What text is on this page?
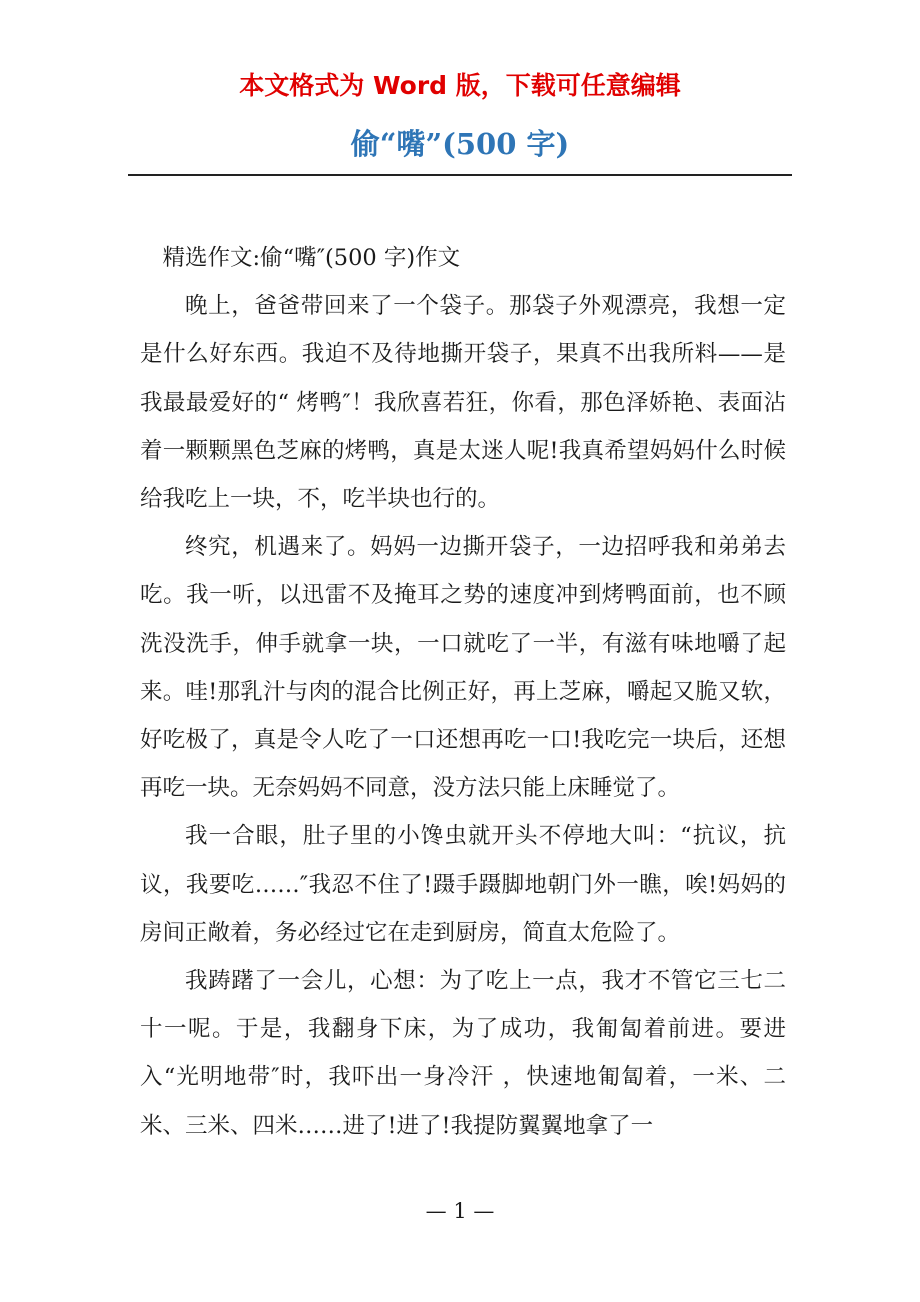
本文格式为 Word 版，下载可任意编辑
偷“嘴”(500 字)

精选作文:偷“嘴″(500 字)作文

晚上，爸爸带回来了一个袋子。那袋子外观漂亮，我想一定是什么好东西。我迫不及待地撕开袋子，果真不出我所料——是我最最爱好的“ 烤鸭″！我欣喜若狂，你看，那色泽娇艳、表面沾着一颗颗黑色芝麻的烤鸭，真是太迷人呢!我真希望妈妈什么时候给我吃上一块，不，吃半块也行的。

终究，机遇来了。妈妈一边撕开袋子，一边招呼我和弟弟去吃。我一听，以迅雷不及掩耳之势的速度冲到烤鸭面前，也不顾洗没洗手，伸手就拿一块，一口就吃了一半，有滋有味地嚼了起来。哇!那乳汁与肉的混合比例正好，再上芝麻，嚼起又脆又软，好吃极了，真是令人吃了一口还想再吃一口!我吃完一块后，还想再吃一块。无奈妈妈不同意，没方法只能上床睡觉了。

我一合眼，肚子里的小馋虫就开头不停地大叫：“抗议，抗议，我要吃……″我忍不住了!蹑手蹑脚地朝门外一瞧，唉!妈妈的房间正敞着，务必经过它在走到厨房，简直太危险了。

我踌躇了一会儿，心想：为了吃上一点，我才不管它三七二十一呢。于是，我翻身下床，为了成功，我匍匐着前进。要进入“光明地带″时，我吓出一身冷汗 ，快速地匍匐着，一米、二米、三米、四米……进了!进了!我提防翼翼地拿了一

— 1 —
